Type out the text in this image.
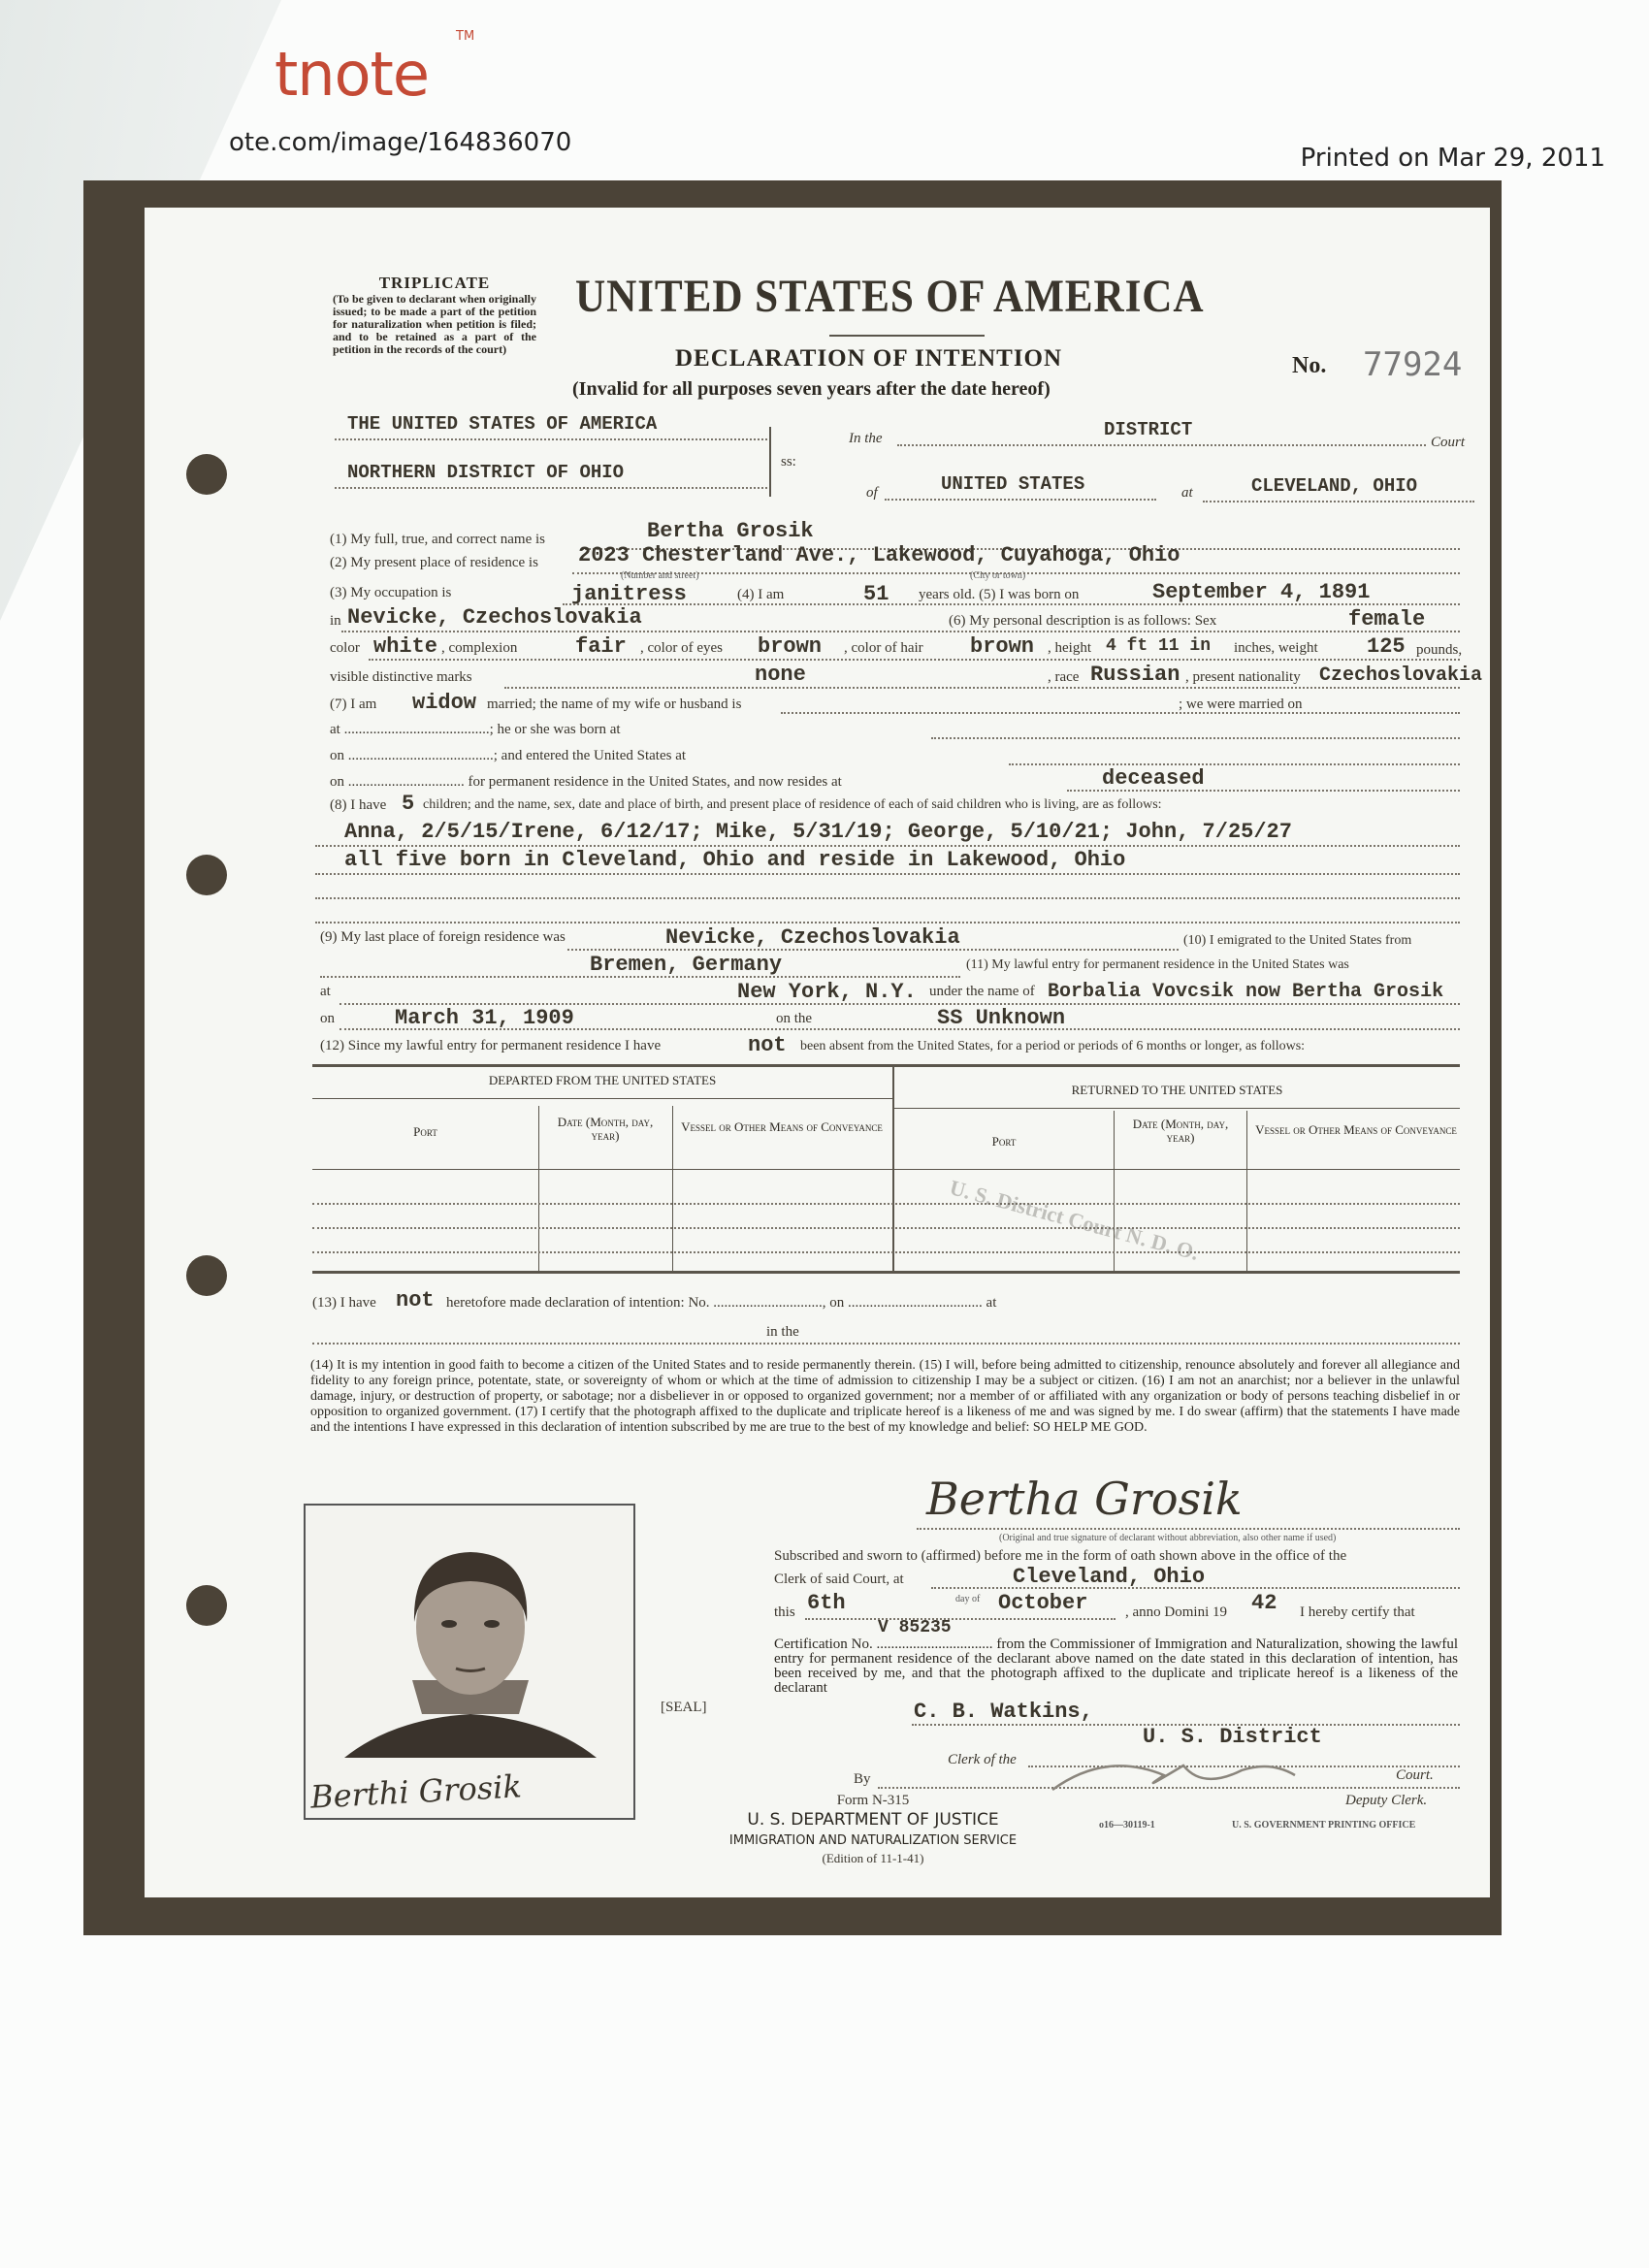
tnote
TM
ote.com/image/164836070
Printed on Mar 29, 2011
TRIPLICATE
(To be given to declarant when originally issued; to be made a part of the petition for naturalization when petition is filed; and to be retained as a part of the petition in the records of the court)
UNITED STATES OF AMERICA
DECLARATION OF INTENTION
(Invalid for all purposes seven years after the date hereof)
No. 77924
THE UNITED STATES OF AMERICA
NORTHERN DISTRICT OF OHIO	ss:
In the	DISTRICT
Court
of	UNITED STATES	at	CLEVELAND, OHIO
(1) My full, true, and correct name is	Bertha Grosik
(2) My present place of residence is 2023 Chesterland Ave., Lakewood, Cuyahoga, Ohio
(Number and street)	(City or town)
(3) My occupation is	janitress	(4) I am	51 years old. (5) I was born on	September 4, 1891
in Nevicke, Czechoslovakia	(6) My personal description is as follows: Sex	female
color white , complexion	fair , color of eyes brown , color of hair brown , height 4 ft 11 in inches, weight 125 pounds,
visible distinctive marks	none	, race Russian , present nationality Czechoslovakia
(7) I am widow married; the name of my wife or husband is	; we were married on
at ........................................; he or she was born at
on ........................................; and entered the United States at
on ................................ for permanent residence in the United States, and now resides at	deceased
(8) I have 5 children; and the name, sex, date and place of birth, and present place of residence of each of said children who is living, are as follows:
Anna, 2/5/15/Irene, 6/12/17; Mike, 5/31/19; George, 5/10/21; John, 7/25/27
all five born in Cleveland, Ohio and reside in Lakewood, Ohio
(9) My last place of foreign residence was	Nevicke, Czechoslovakia	(10) I emigrated to the United States from
Bremen, Germany	(11) My lawful entry for permanent residence in the United States was
at	New York, N.Y. under the name of Borbalia Vovcsik now Bertha Grosik
on	March 31, 1909	on the	SS Unknown
(12) Since my lawful entry for permanent residence I have	not been absent from the United States, for a period or periods of 6 months or longer, as follows:
DEPARTED FROM THE UNITED STATES
RETURNED TO THE UNITED STATES
Port
Date (Month, day, year)
Vessel or Other Means of Conveyance
Port
Date (Month, day, year)
Vessel or Other Means of Conveyance
U. S. District Court N. D. O.
(13) I have not heretofore made declaration of intention: No. .............................., on ..................................... at
in the
(14) It is my intention in good faith to become a citizen of the United States and to reside permanently therein. (15) I will, before being admitted to citizenship, renounce absolutely and forever all allegiance and fidelity to any foreign prince, potentate, state, or sovereignty of whom or which at the time of admission to citizenship I may be a subject or citizen. (16) I am not an anarchist; nor a believer in the unlawful damage, injury, or destruction of property, or sabotage; nor a disbeliever in or opposed to organized government; nor a member of or affiliated with any organization or body of persons teaching disbelief in or opposition to organized government. (17) I certify that the photograph affixed to the duplicate and triplicate hereof is a likeness of me and was signed by me. I do swear (affirm) that the statements I have made and the intentions I have expressed in this declaration of intention subscribed by me are true to the best of my knowledge and belief: SO HELP ME GOD.
Bertha Grosik
(Original and true signature of declarant without abbreviation, also other name if used)
Subscribed and sworn to (affirmed) before me in the form of oath shown above in the office of the
Clerk of said Court, at	Cleveland, Ohio
this 6th	day of October	, anno Domini 19 42 I hereby certify that
V 85235
Certification No. ................................ from the Commissioner of Immigration and Naturalization, showing the lawful entry for permanent residence of the declarant above named on the date stated in this declaration of intention, has been received by me, and that the photograph affixed to the duplicate and triplicate hereof is a likeness of the declarant
[SEAL]	C. B. Watkins,
U. S. District
Clerk of the
Court.
By
Deputy Clerk.
Form N-315
U. S. DEPARTMENT OF JUSTICE
IMMIGRATION AND NATURALIZATION SERVICE
(Edition of 11-1-41)
o16—30119-1	U. S. GOVERNMENT PRINTING OFFICE
Berthi Grosik
